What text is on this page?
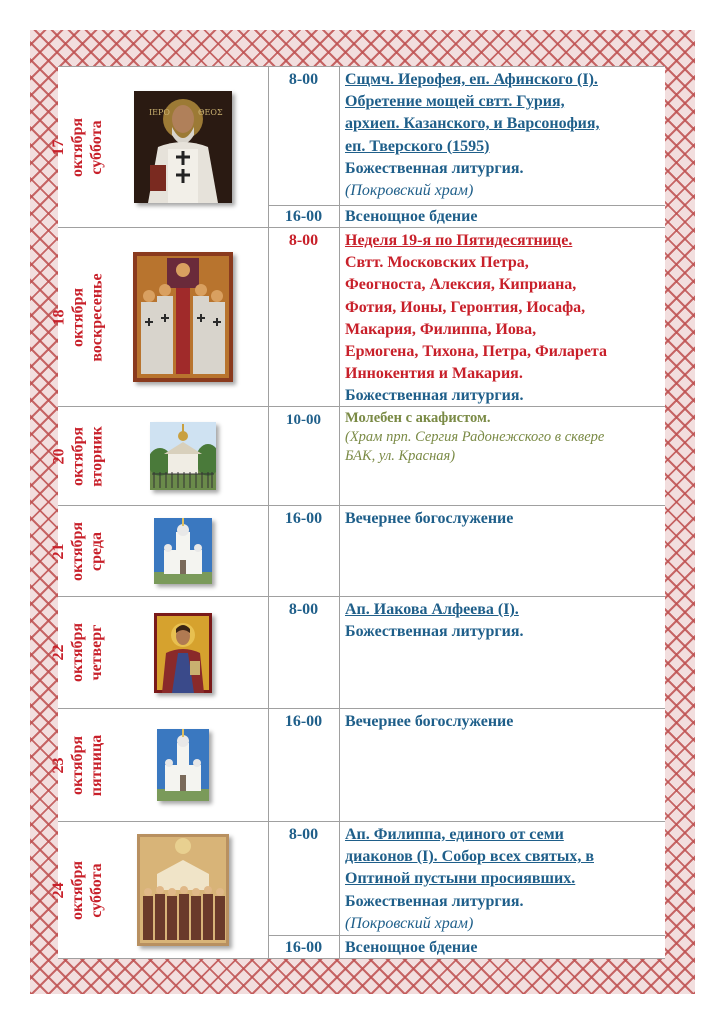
17 октября суббота
ΙΕΡΟ	ΘΕΟΣ
8-00	Сщмч. Иерофея, еп. Афинского (I).
Обретение мощей свтт. Гурия,
архиеп. Казанского, и Варсонофия,
еп. Тверского (1595)
Божественная литургия.
(Покровский храм)
16-00	Всенощное бдение
18 октября воскресенье
8-00	Неделя 19-я по Пятидесятнице.
Свтт. Московских Петра,
Феогноста, Алексия, Киприана,
Фотия, Ионы, Геронтия, Иосафа,
Макария, Филиппа, Иова,
Ермогена, Тихона, Петра, Филарета
Иннокентия и Макария.
Божественная литургия.
20 октября вторник
10-00	Молебен с акафистом.
(Храм прп. Сергия Радонежского в сквере
БАК, ул. Красная)
21 октября среда
16-00	Вечернее богослужение
22 октября четверг
8-00	Ап. Иакова Алфеева (I).
Божественная литургия.
23 октября пятница
16-00	Вечернее богослужение
24 октября суббота
8-00	Ап. Филиппа, единого от семи
диаконов (I). Собор всех святых, в
Оптиной пустыни просиявших.
Божественная литургия.
(Покровский храм)
16-00	Всенощное бдение
